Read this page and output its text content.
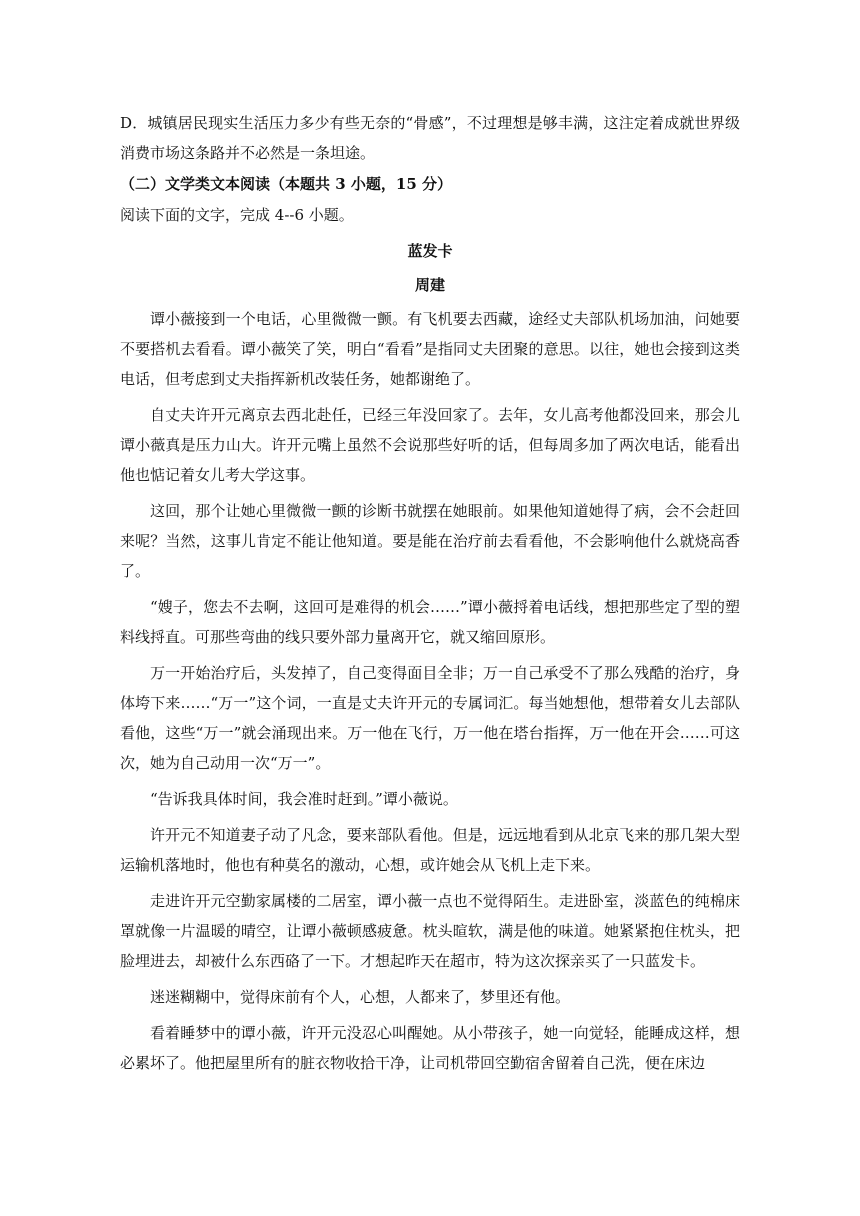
D．城镇居民现实生活压力多少有些无奈的“骨感”，不过理想是够丰满，这注定着成就世界级消费市场这条路并不必然是一条坦途。

（二）文学类文本阅读（本题共 3 小题，15 分）

阅读下面的文字，完成 4--6 小题。

蓝发卡

周建

谭小薇接到一个电话，心里微微一颤。有飞机要去西藏，途经丈夫部队机场加油，问她要不要搭机去看看。谭小薇笑了笑，明白“看看”是指同丈夫团聚的意思。以往，她也会接到这类电话，但考虑到丈夫指挥新机改装任务，她都谢绝了。

自丈夫许开元离京去西北赴任，已经三年没回家了。去年，女儿高考他都没回来，那会儿谭小薇真是压力山大。许开元嘴上虽然不会说那些好听的话，但每周多加了两次电话，能看出他也惦记着女儿考大学这事。

这回，那个让她心里微微一颤的诊断书就摆在她眼前。如果他知道她得了病，会不会赶回来呢？当然，这事儿肯定不能让他知道。要是能在治疗前去看看他，不会影响他什么就烧高香了。

“嫂子，您去不去啊，这回可是难得的机会……”谭小薇捋着电话线，想把那些定了型的塑料线捋直。可那些弯曲的线只要外部力量离开它，就又缩回原形。

万一开始治疗后，头发掉了，自己变得面目全非；万一自己承受不了那么残酷的治疗，身体垮下来……“万一”这个词，一直是丈夫许开元的专属词汇。每当她想他，想带着女儿去部队看他，这些“万一”就会涌现出来。万一他在飞行，万一他在塔台指挥，万一他在开会……可这次，她为自己动用一次“万一”。

“告诉我具体时间，我会准时赶到。”谭小薇说。

许开元不知道妻子动了凡念，要来部队看他。但是，远远地看到从北京飞来的那几架大型运输机落地时，他也有种莫名的激动，心想，或许她会从飞机上走下来。

走进许开元空勤家属楼的二居室，谭小薇一点也不觉得陌生。走进卧室，淡蓝色的纯棉床罩就像一片温暖的晴空，让谭小薇顿感疲惫。枕头暄软，满是他的味道。她紧紧抱住枕头，把脸埋进去，却被什么东西硌了一下。才想起昨天在超市，特为这次探亲买了一只蓝发卡。

迷迷糊糊中，觉得床前有个人，心想，人都来了，梦里还有他。

看着睡梦中的谭小薇，许开元没忍心叫醒她。从小带孩子，她一向觉轻，能睡成这样，想必累坏了。他把屋里所有的脏衣物收拾干净，让司机带回空勤宿舍留着自己洗，便在床边
